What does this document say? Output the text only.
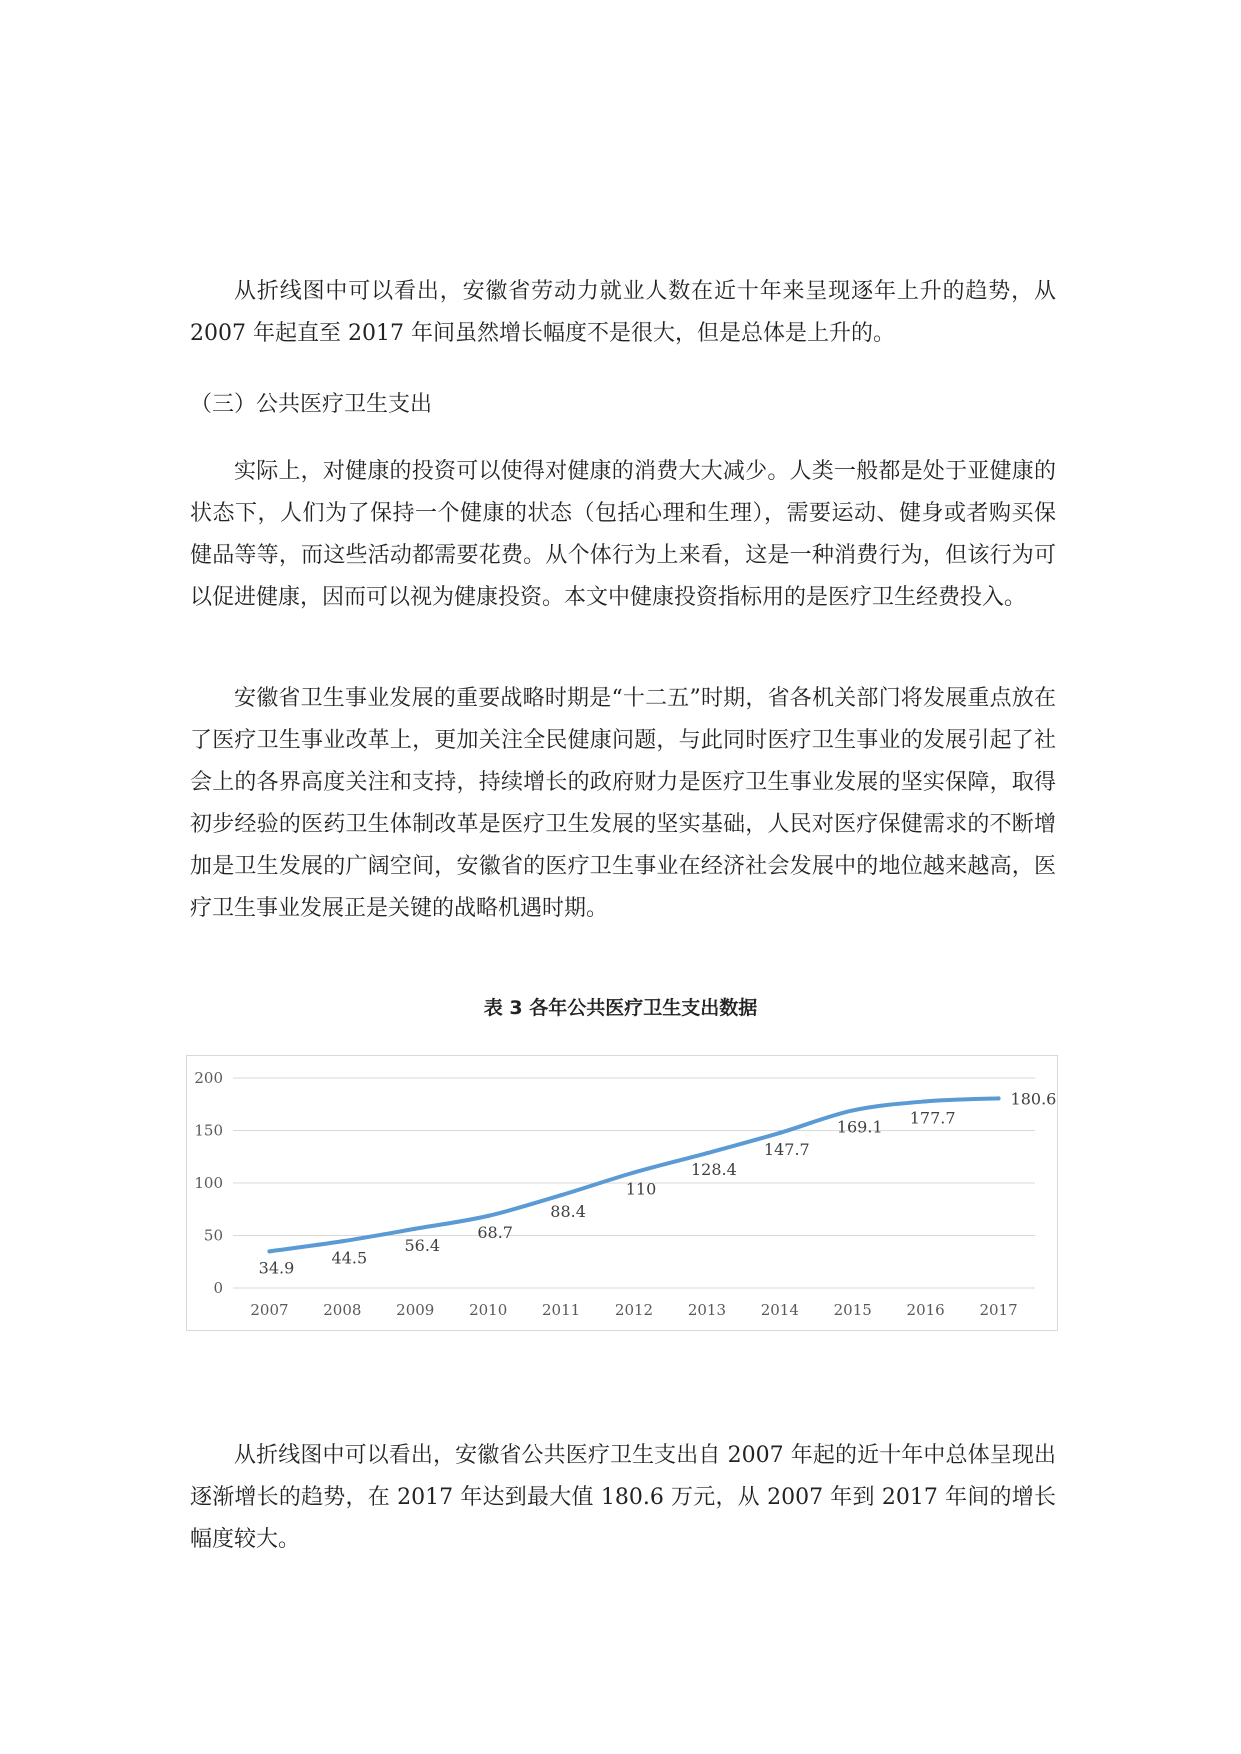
从折线图中可以看出，安徽省劳动力就业人数在近十年来呈现逐年上升的趋势，从 2007 年起直至 2017 年间虽然增长幅度不是很大，但是总体是上升的。

（三）公共医疗卫生支出

实际上，对健康的投资可以使得对健康的消费大大减少。人类一般都是处于亚健康的状态下，人们为了保持一个健康的状态（包括心理和生理），需要运动、健身或者购买保健品等等，而这些活动都需要花费。从个体行为上来看，这是一种消费行为，但该行为可以促进健康，因而可以视为健康投资。本文中健康投资指标用的是医疗卫生经费投入。

安徽省卫生事业发展的重要战略时期是“十二五”时期，省各机关部门将发展重点放在了医疗卫生事业改革上，更加关注全民健康问题，与此同时医疗卫生事业的发展引起了社会上的各界高度关注和支持，持续增长的政府财力是医疗卫生事业发展的坚实保障，取得初步经验的医药卫生体制改革是医疗卫生发展的坚实基础，人民对医疗保健需求的不断增加是卫生发展的广阔空间，安徽省的医疗卫生事业在经济社会发展中的地位越来越高，医疗卫生事业发展正是关键的战略机遇时期。

表 3 各年公共医疗卫生支出数据

0
50
100
150
200
2007 2008 2009 2010 2011 2012 2013 2014 2015 2016 2017
34.9
44.5
56.4
68.7
88.4
110
128.4
147.7
169.1 177.7
180.6

从折线图中可以看出，安徽省公共医疗卫生支出自 2007 年起的近十年中总体呈现出逐渐增长的趋势，在 2017 年达到最大值 180.6 万元，从 2007 年到 2017 年间的增长幅度较大。
